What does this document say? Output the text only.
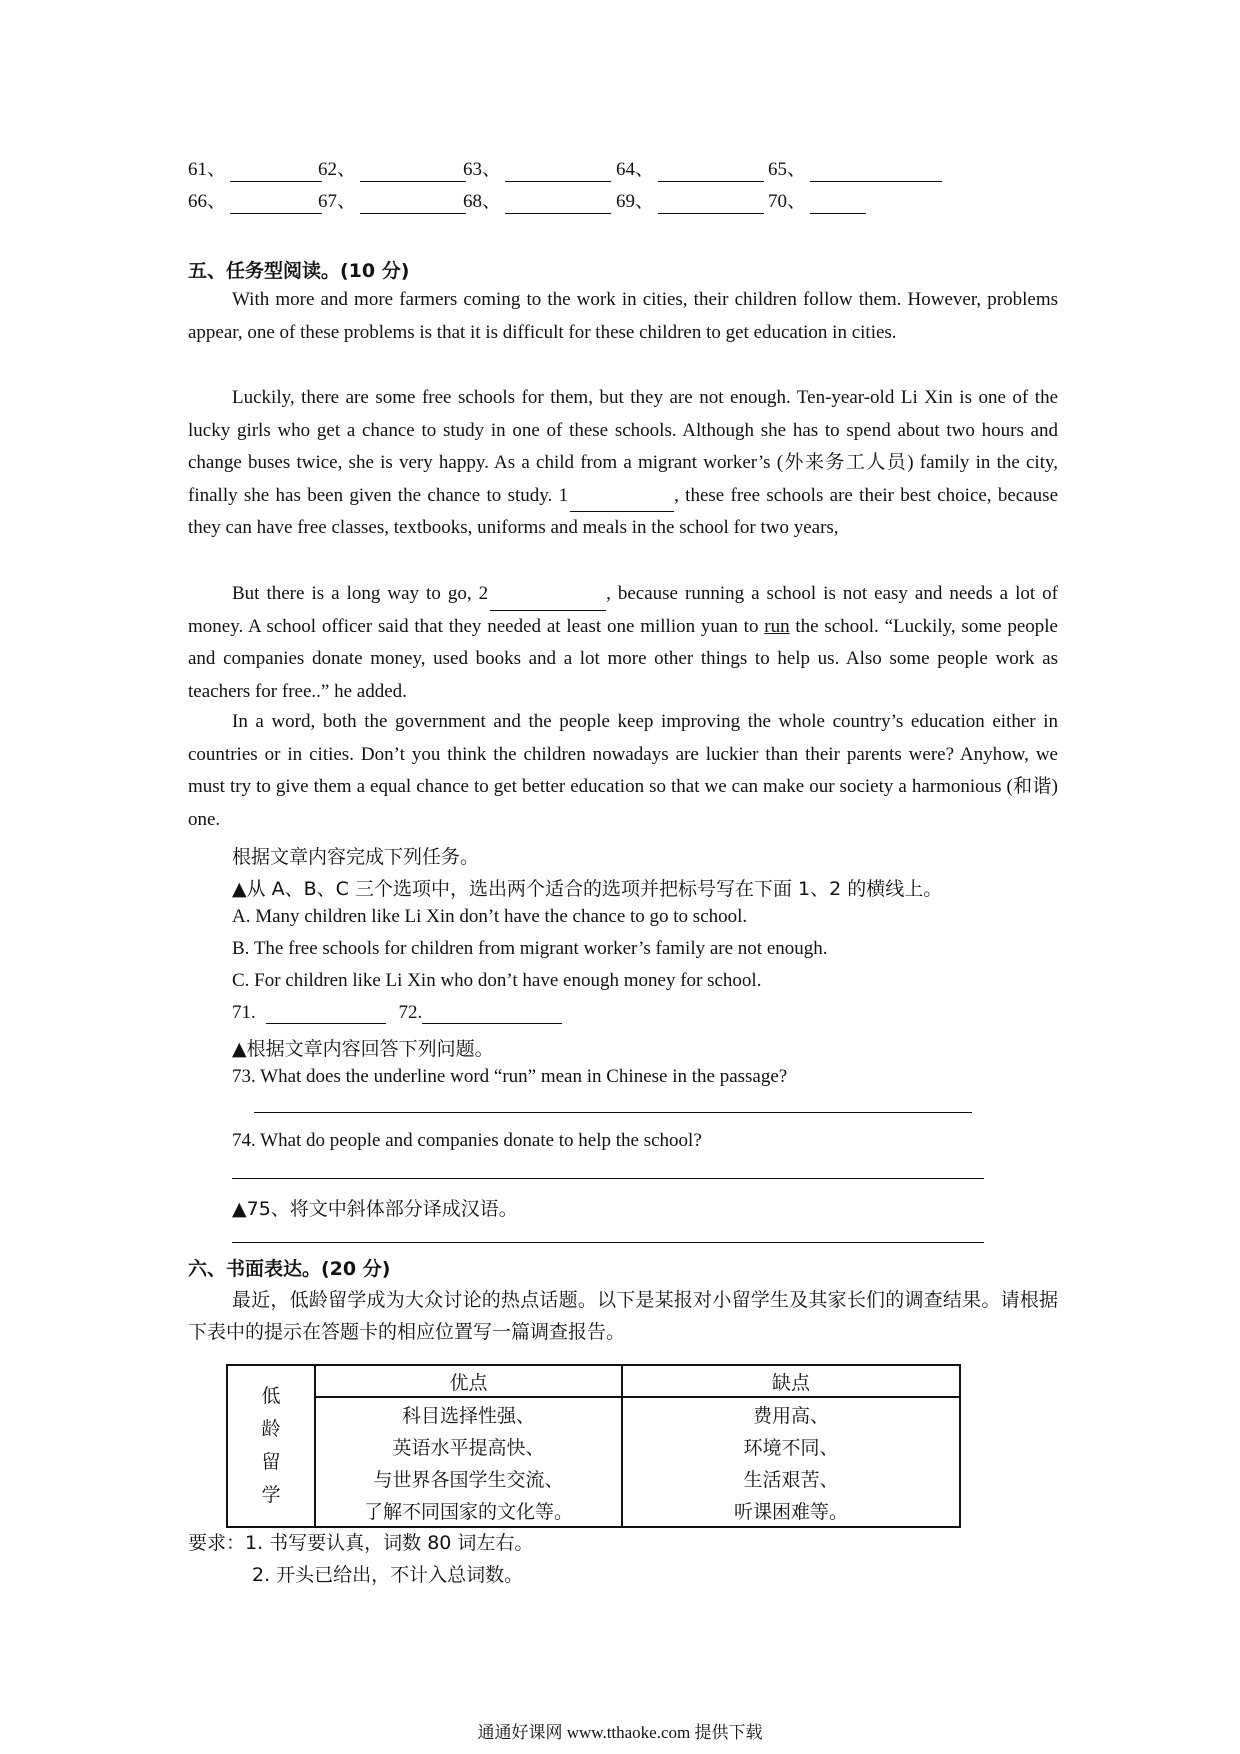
61、	62、	63、	64、	65、
66、	67、	68、	69、	70、
五、任务型阅读。(10 分)

With more and more farmers coming to the work in cities, their children follow them. However, problems appear, one of these problems is that it is difficult for these children to get education in cities.

Luckily, there are some free schools for them, but they are not enough. Ten-year-old Li Xin is one of the lucky girls who get a chance to study in one of these schools. Although she has to spend about two hours and change buses twice, she is very happy. As a child from a migrant worker’s (外来务工人员) family in the city, finally she has been given the chance to study. 1	, these free schools are their best choice, because they can have free classes, textbooks, uniforms and meals in the school for two years,

But there is a long way to go, 2	, because running a school is not easy and needs a lot of money. A school officer said that they needed at least one million yuan to run the school. “Luckily, some people and companies donate money, used books and a lot more other things to help us. Also some people work as teachers for free..” he added.

In a word, both the government and the people keep improving the whole country’s education either in countries or in cities. Don’t you think the children nowadays are luckier than their parents were? Anyhow, we must try to give them a equal chance to get better education so that we can make our society a harmonious (和谐) one.

根据文章内容完成下列任务。
▲从 A、B、C 三个选项中，选出两个适合的选项并把标号写在下面 1、2 的横线上。
A. Many children like Li Xin don’t have the chance to go to school.
B. The free schools for children from migrant worker’s family are not enough.
C. For children like Li Xin who don’t have enough money for school.
71.	72.
▲根据文章内容回答下列问题。
73. What does the underline word “run” mean in Chinese in the passage?
74. What do people and companies donate to help the school?
▲75、将文中斜体部分译成汉语。
六、书面表达。(20 分)

最近，低龄留学成为大众讨论的热点话题。以下是某报对小留学生及其家长们的调查结果。请根据下表中的提示在答题卡的相应位置写一篇调查报告。

低
龄
留
学	优点	缺点
	科目选择性强、	费用高、
	英语水平提高快、	环境不同、
	与世界各国学生交流、	生活艰苦、
	了解不同国家的文化等。	听课困难等。
要求：1. 书写要认真，词数 80 词左右。
2. 开头已给出，不计入总词数。
通通好课网 www.tthaoke.com 提供下载
